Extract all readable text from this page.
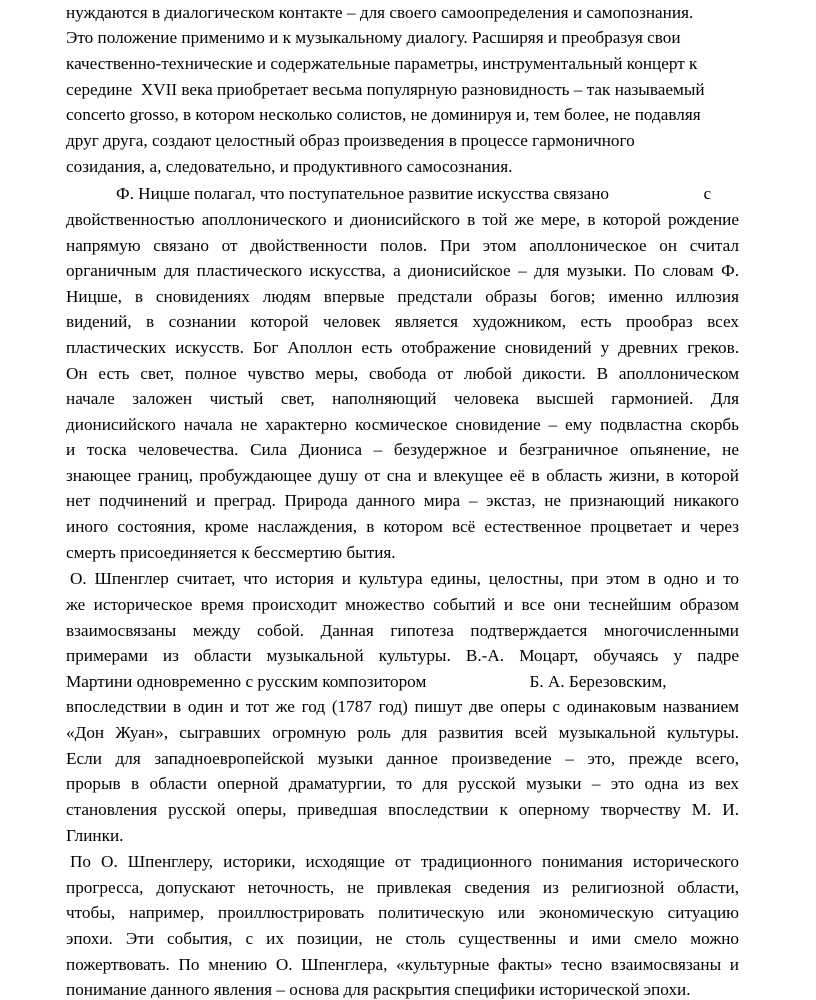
нуждаются в диалогическом контакте – для своего самоопределения и самопознания.
Это положение применимо и к музыкальному диалогу. Расширяя и преобразуя свои
качественно-технические и содержательные параметры, инструментальный концерт к
середине  XVII века приобретает весьма популярную разновидность – так называемый
concerto grosso, в котором несколько солистов, не доминируя и, тем более, не подавляя
друг друга, создают целостный образ произведения в процессе гармоничного
созидания, а, следовательно, и продуктивного самосознания.
Ф. Ницше полагал, что поступательное развитие искусства связано                      с
двойственностью аполлонического и дионисийского в той же мере, в которой рождение
напрямую связано от двойственности полов. При этом аполлоническое он считал
органичным для пластического искусства, а дионисийское – для музыки. По словам Ф.
Ницше, в сновидениях людям впервые предстали образы богов; именно иллюзия
видений, в сознании которой человек является художником, есть прообраз всех
пластических искусств. Бог Аполлон есть отображение сновидений у древних греков.
Он есть свет, полное чувство меры, свобода от любой дикости. В аполлоническом
начале заложен чистый свет, наполняющий человека высшей гармонией. Для
дионисийского начала не характерно космическое сновидение – ему подвластна скорбь
и тоска человечества. Сила Диониса – безудержное и безграничное опьянение, не
знающее границ, пробуждающее душу от сна и влекущее её в область жизни, в которой
нет подчинений и преград. Природа данного мира – экстаз, не признающий никакого
иного состояния, кроме наслаждения, в котором всё естественное процветает и через
смерть присоединяется к бессмертию бытия.
О. Шпенглер считает, что история и культура едины, целостны, при этом в одно и то
же историческое время происходит множество событий и все они теснейшим образом
взаимосвязаны между собой. Данная гипотеза подтверждается многочисленными
примерами из области музыкальной культуры. В.-А. Моцарт, обучаясь у падре
Мартини одновременно с русским композитором                        Б. А. Березовским,
впоследствии в один и тот же год (1787 год) пишут две оперы с одинаковым названием
«Дон Жуан», сыгравших огромную роль для развития всей музыкальной культуры.
Если для западноевропейской музыки данное произведение – это, прежде всего,
прорыв в области оперной драматургии, то для русской музыки – это одна из вех
становления русской оперы, приведшая впоследствии к оперному творчеству М. И.
Глинки.
По О. Шпенглеру, историки, исходящие от традиционного понимания исторического
прогресса, допускают неточность, не привлекая сведения из религиозной области,
чтобы, например, проиллюстрировать политическую или экономическую ситуацию
эпохи. Эти события, с их позиции, не столь существенны и ими смело можно
пожертвовать. По мнению О. Шпенглера, «культурные факты» тесно взаимосвязаны и
понимание данного явления – основа для раскрытия специфики исторической эпохи.
